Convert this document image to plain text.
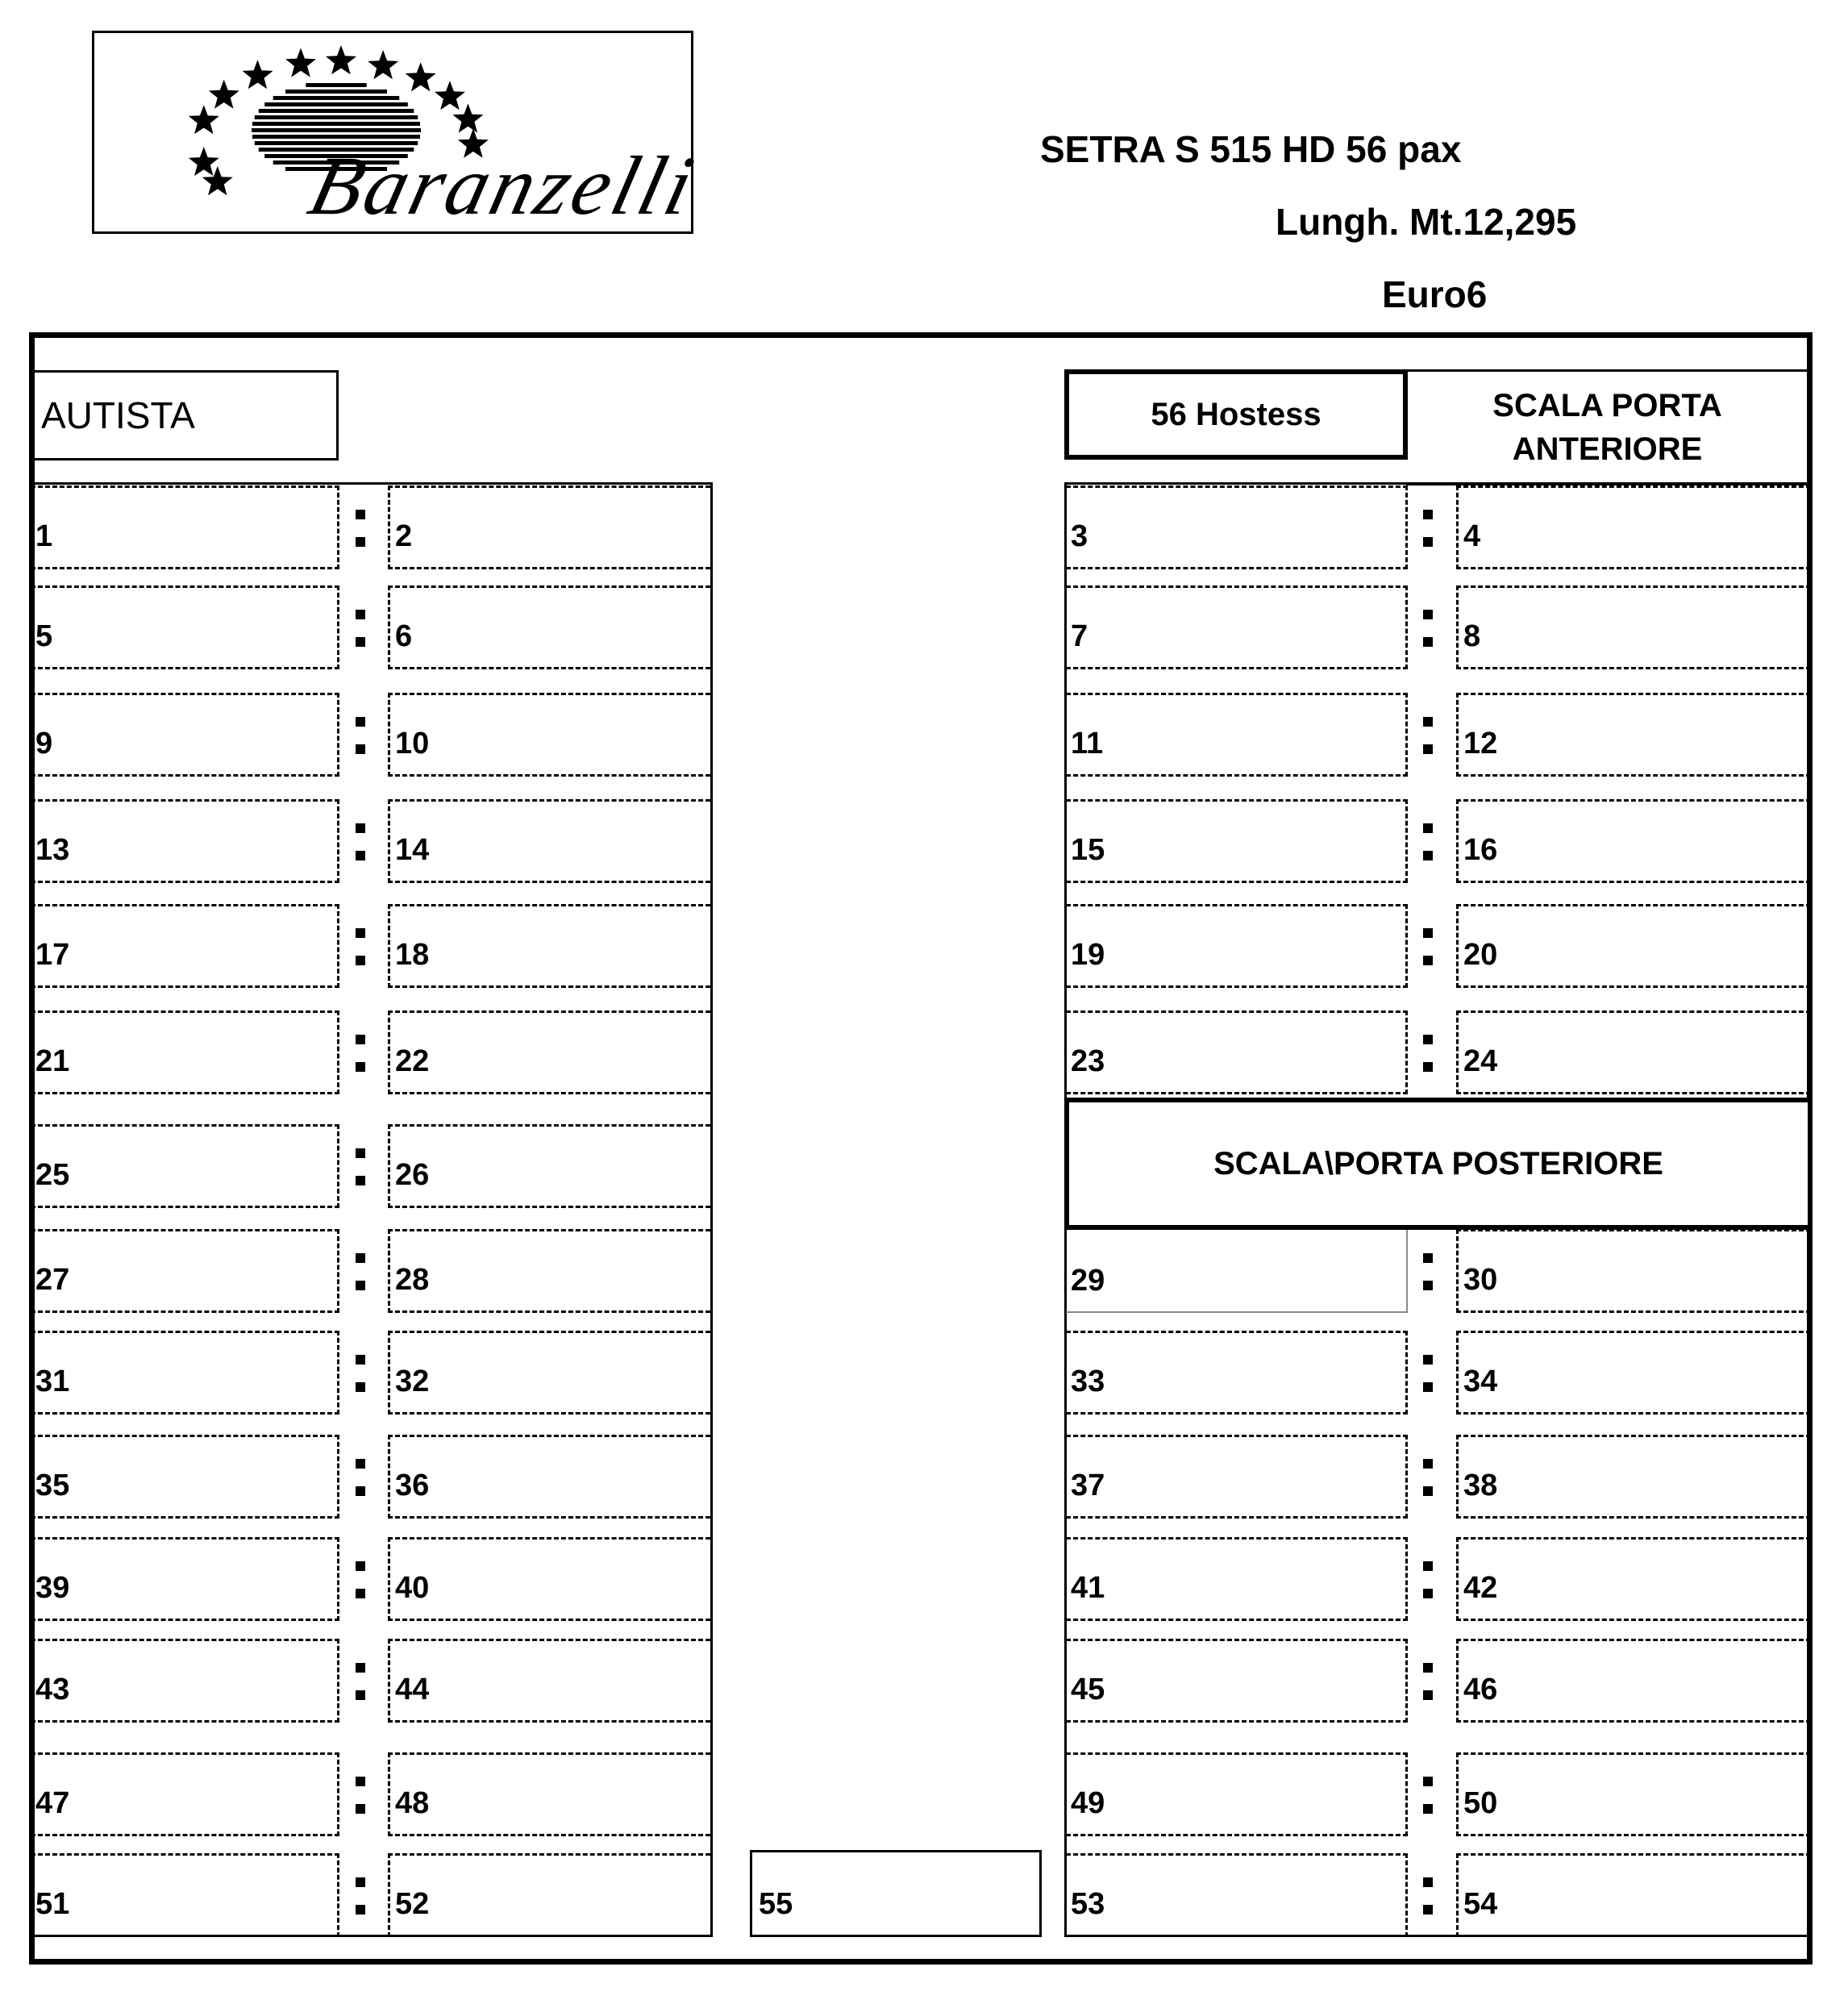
Baranzelli	SETRA S 515 HD 56 pax
Lungh. Mt.12,295
Euro6
AUTISTA	56 Hostess	SCALA PORTA ANTERIORE
1	2
5	6
9	10
13	14
17	18
21	22
25	26
27	28
31	32
35	36
39	40
43	44
47	48
51	52
3	4
7	8
11	12
15	16
19	20
23	24
29	30
33	34
37	38
41	42
45	46
49	50
53	54
SCALA\PORTA POSTERIORE
55
